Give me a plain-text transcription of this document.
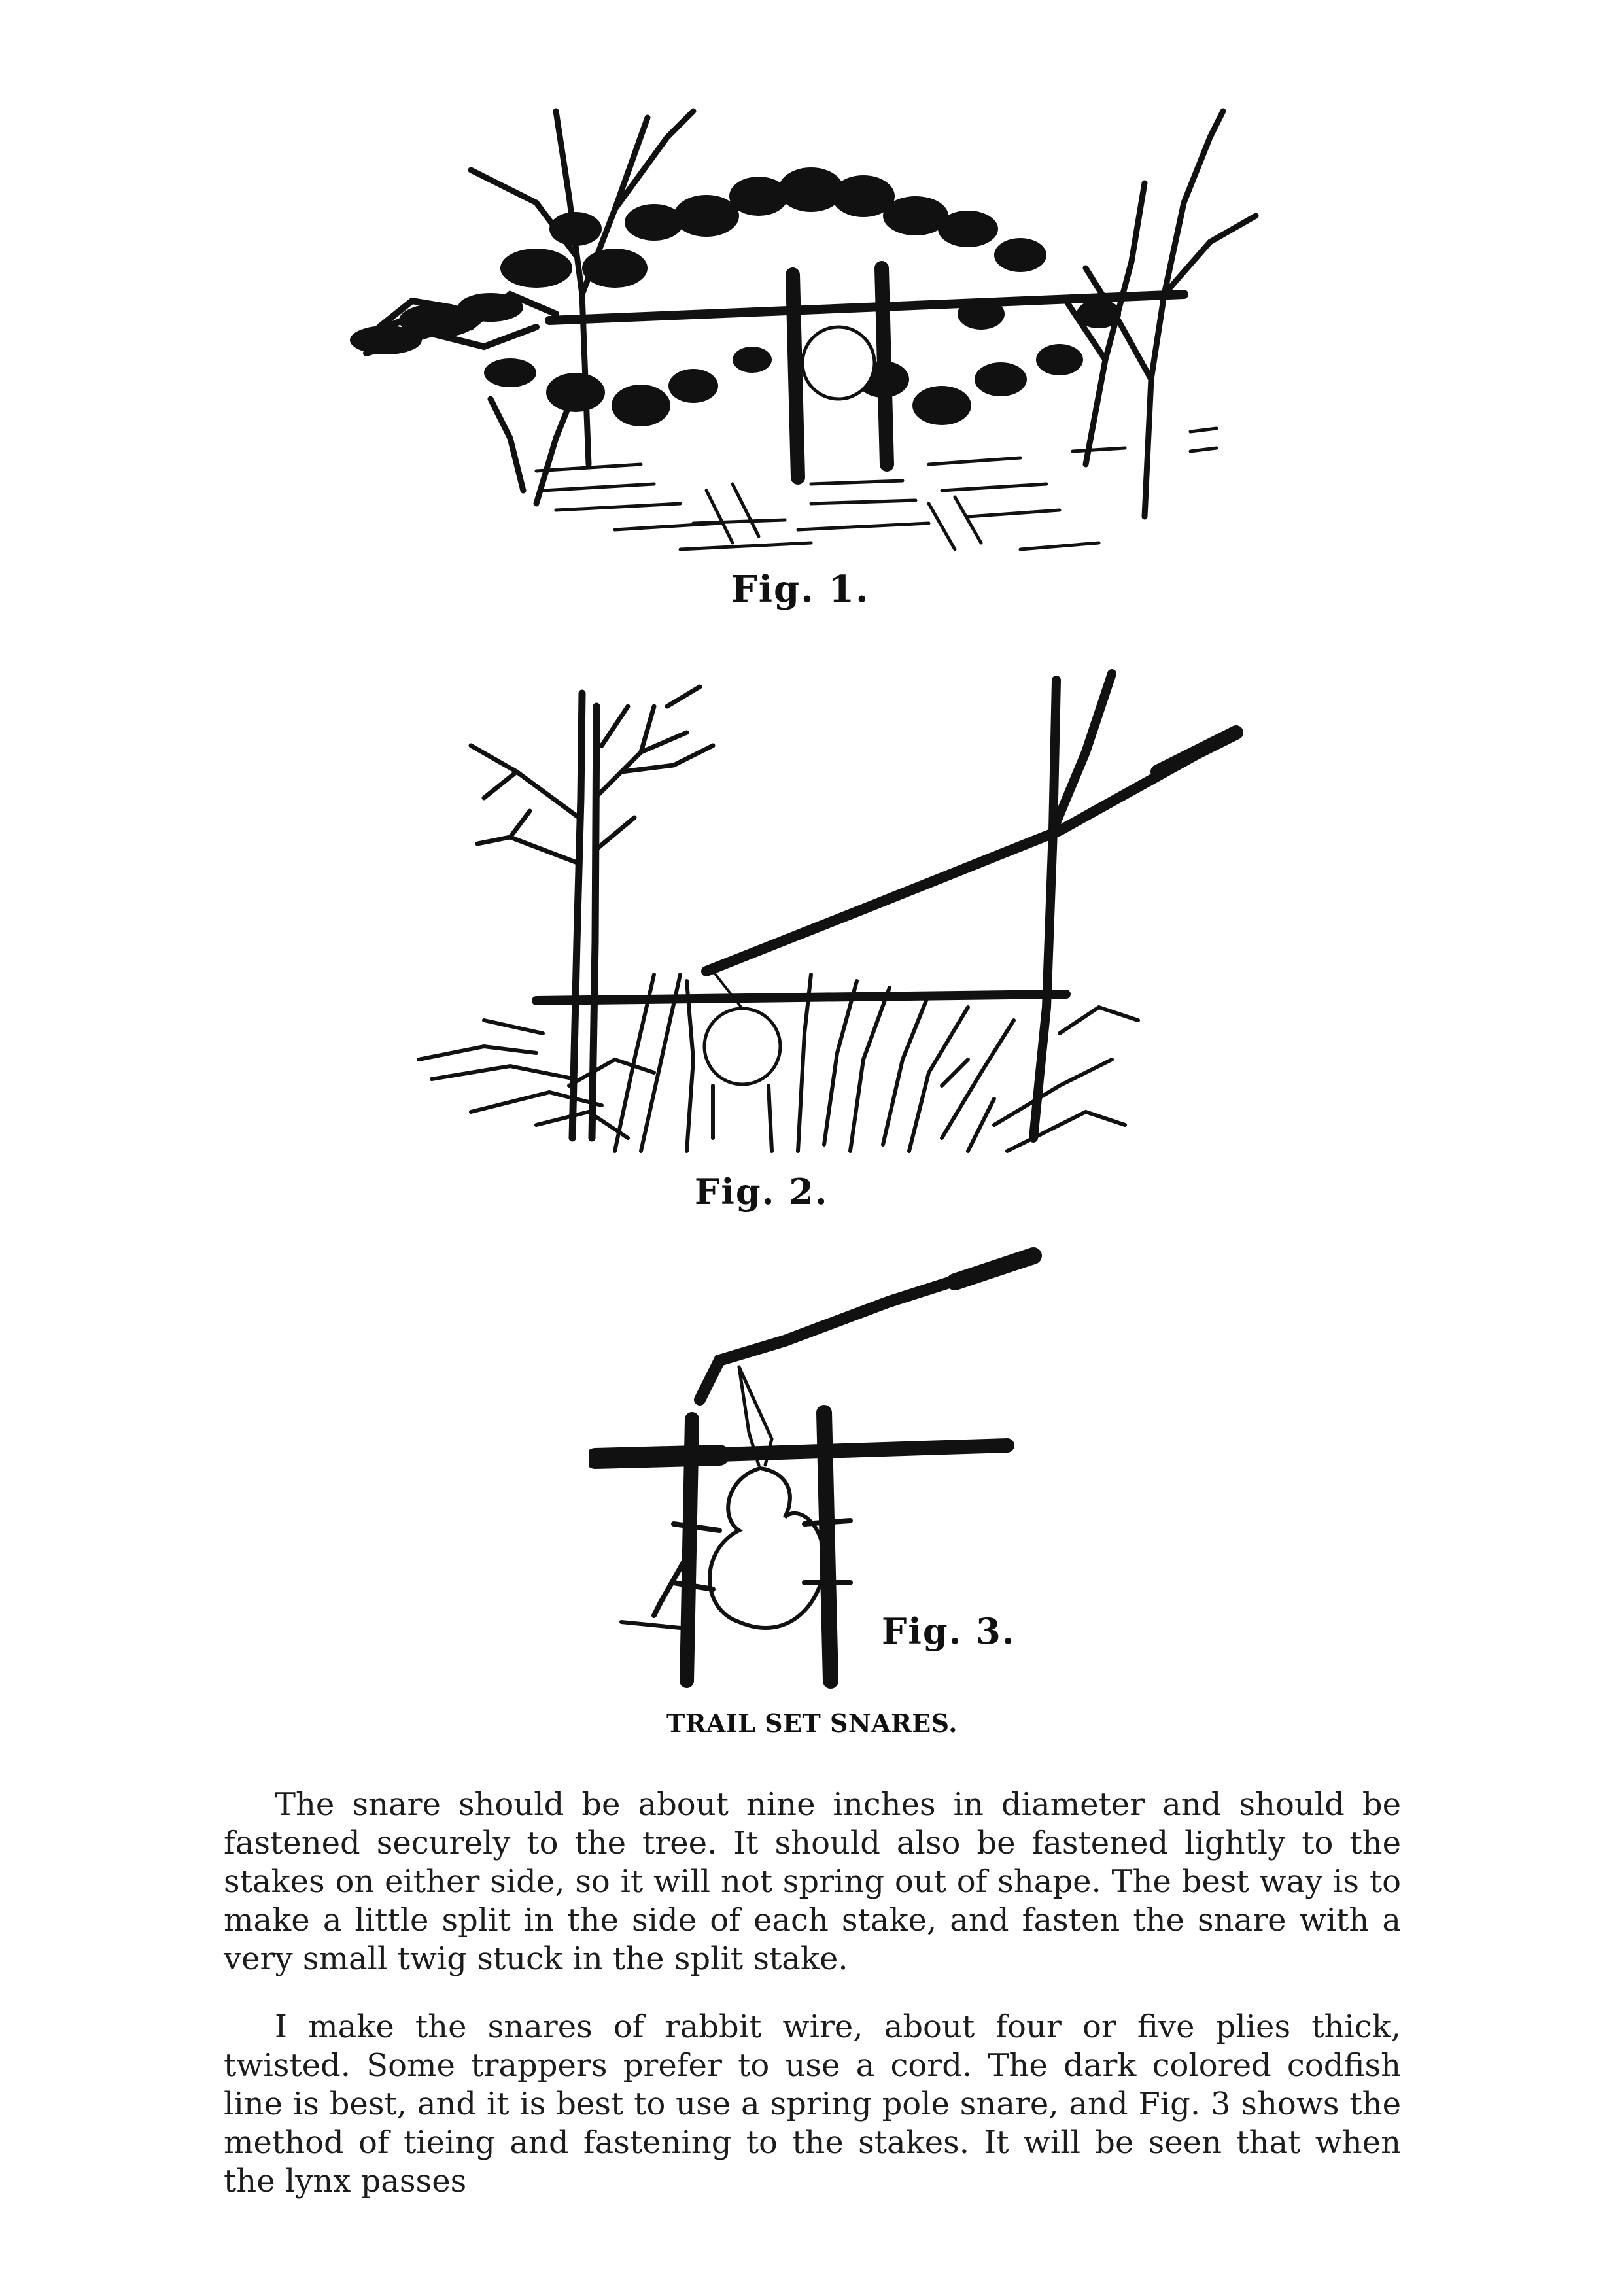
Fig. 1.
Fig. 2.
Fig. 3.
TRAIL SET SNARES.

The snare should be about nine inches in diameter and should be fastened securely to the tree. It should also be fastened lightly to the stakes on either side, so it will not spring out of shape. The best way is to make a little split in the side of each stake, and fasten the snare with a very small twig stuck in the split stake.

I make the snares of rabbit wire, about four or five plies thick, twisted. Some trappers prefer to use a cord. The dark colored codfish line is best, and it is best to use a spring pole snare, and Fig. 3 shows the method of tieing and fastening to the stakes. It will be seen that when the lynx passes
